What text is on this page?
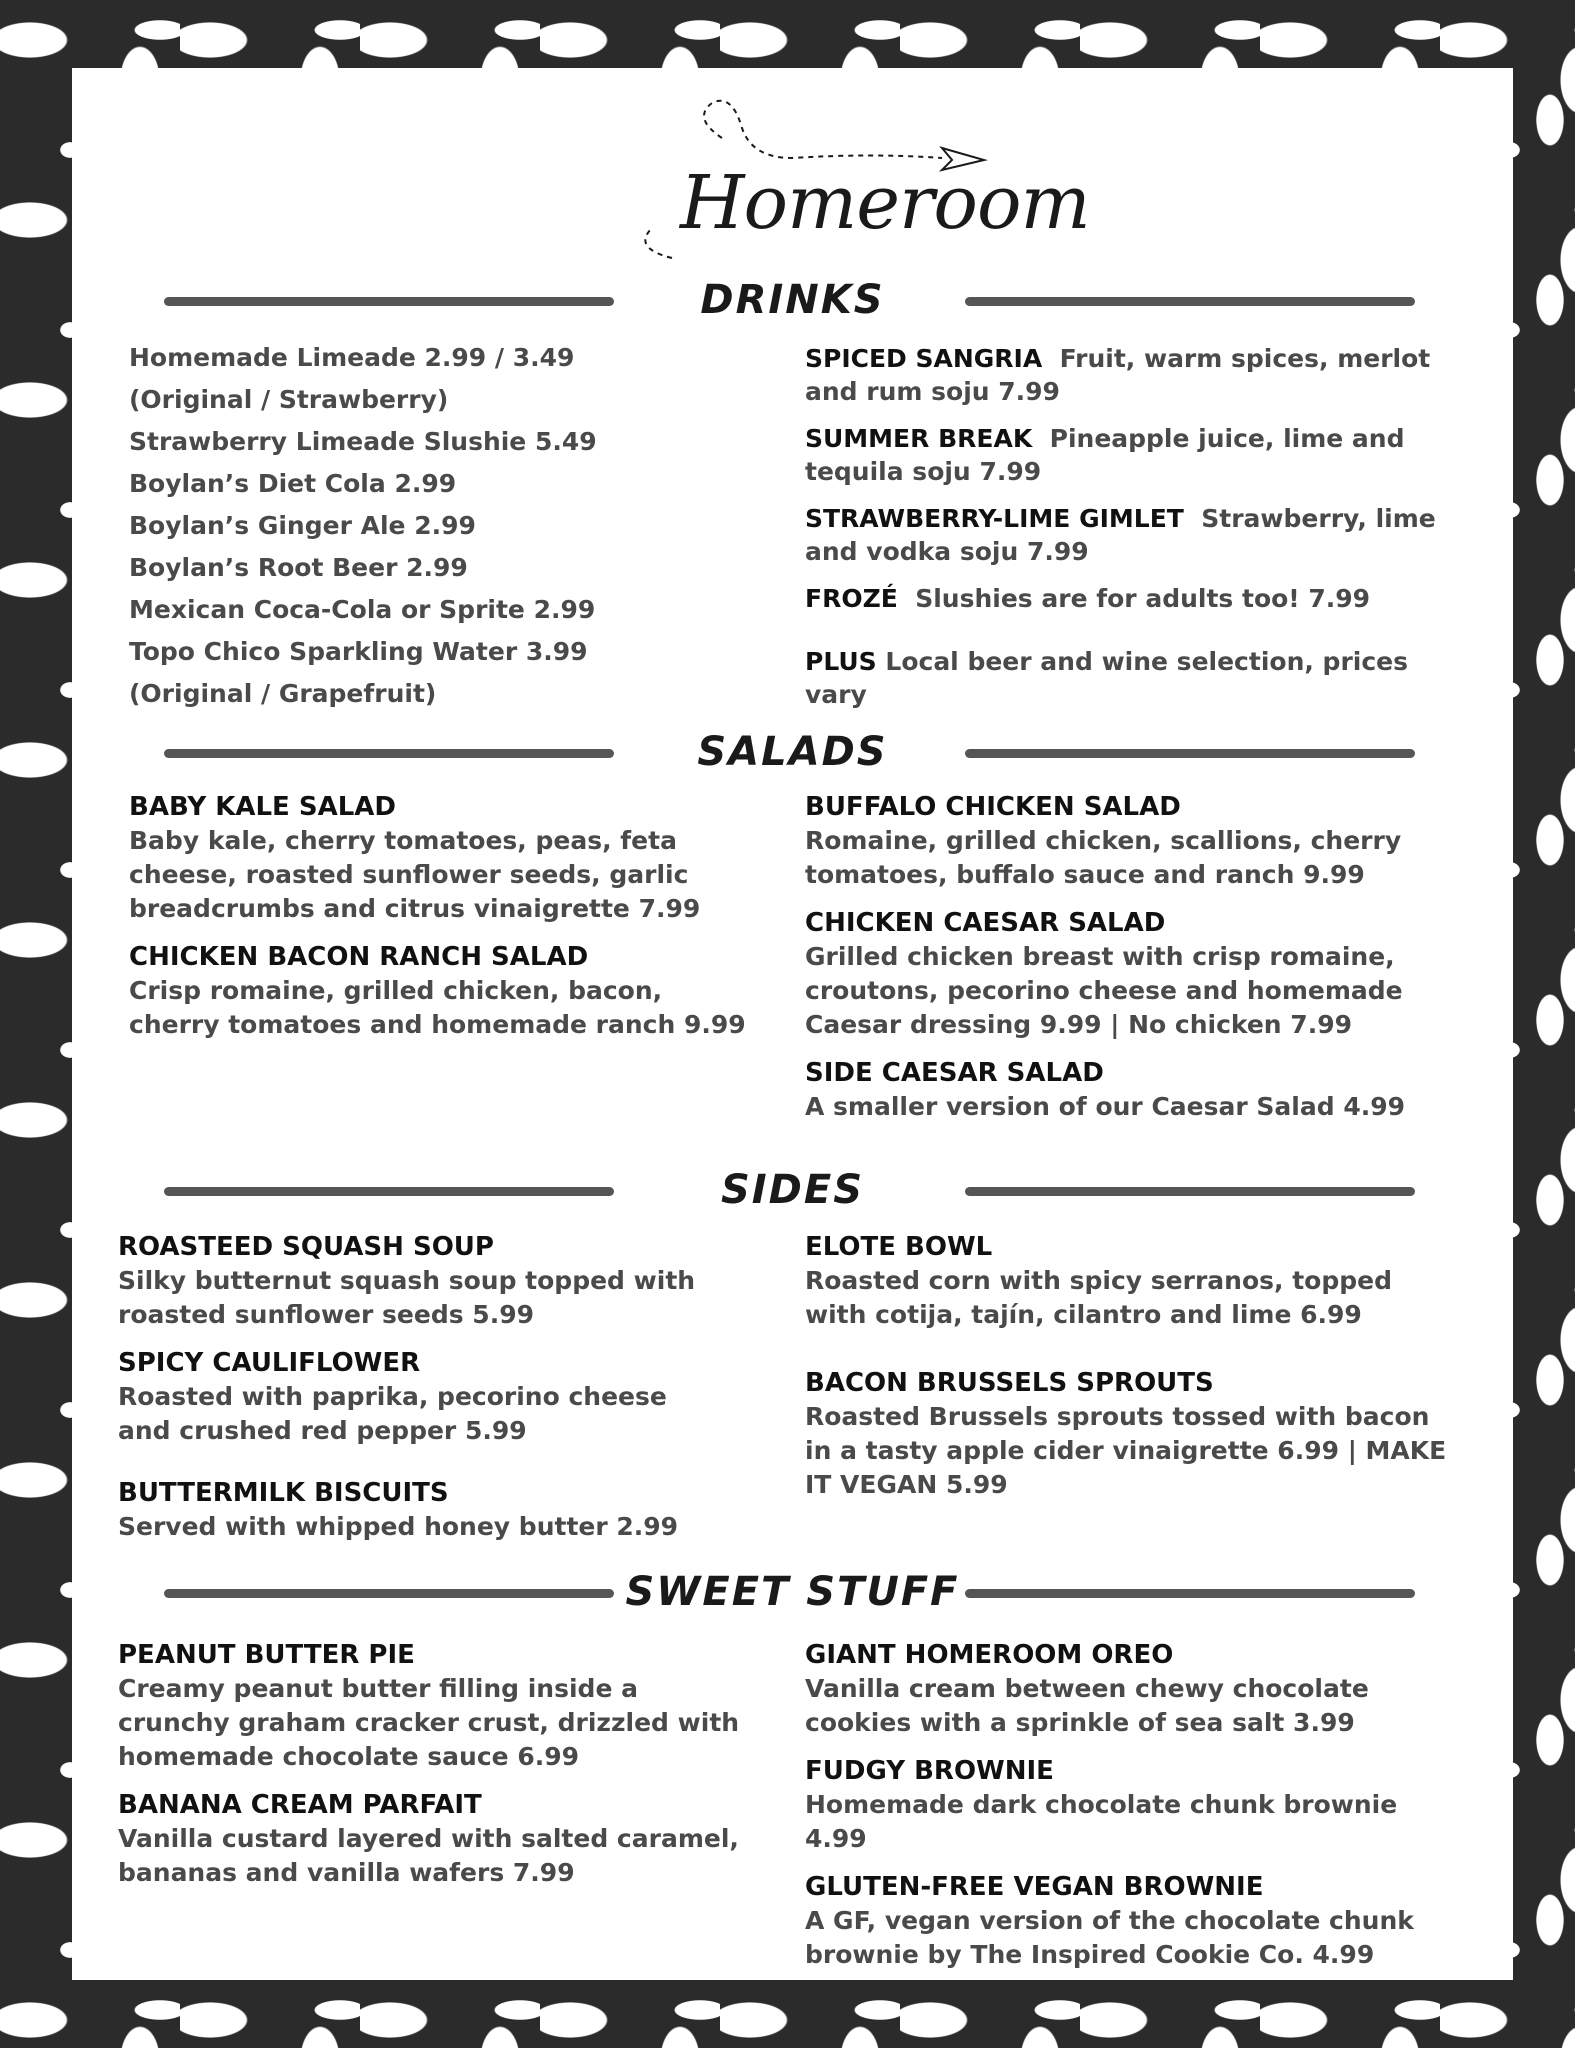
Homeroom
DRINKS
Homemade Limeade 2.99 / 3.49
(Original / Strawberry)
Strawberry Limeade Slushie 5.49
Boylan’s Diet Cola 2.99
Boylan’s Ginger Ale 2.99
Boylan’s Root Beer 2.99
Mexican Coca-Cola or Sprite 2.99
Topo Chico Sparkling Water 3.99
(Original / Grapefruit)
SPICED SANGRIA Fruit, warm spices, merlot and rum soju 7.99
SUMMER BREAK Pineapple juice, lime and tequila soju 7.99
STRAWBERRY-LIME GIMLET Strawberry, lime and vodka soju 7.99
FROZÉ Slushies are for adults too! 7.99
PLUS Local beer and wine selection, prices vary
SALADS
BABY KALE SALAD
Baby kale, cherry tomatoes, peas, feta cheese, roasted sunflower seeds, garlic breadcrumbs and citrus vinaigrette 7.99
CHICKEN BACON RANCH SALAD
Crisp romaine, grilled chicken, bacon, cherry tomatoes and homemade ranch 9.99
BUFFALO CHICKEN SALAD
Romaine, grilled chicken, scallions, cherry tomatoes, buffalo sauce and ranch 9.99
CHICKEN CAESAR SALAD
Grilled chicken breast with crisp romaine, croutons, pecorino cheese and homemade Caesar dressing 9.99 | No chicken 7.99
SIDE CAESAR SALAD
A smaller version of our Caesar Salad 4.99
SIDES
ROASTEED SQUASH SOUP
Silky butternut squash soup topped with roasted sunflower seeds 5.99
SPICY CAULIFLOWER
Roasted with paprika, pecorino cheese and crushed red pepper 5.99
BUTTERMILK BISCUITS
Served with whipped honey butter 2.99
ELOTE BOWL
Roasted corn with spicy serranos, topped with cotija, tajín, cilantro and lime 6.99
BACON BRUSSELS SPROUTS
Roasted Brussels sprouts tossed with bacon in a tasty apple cider vinaigrette 6.99 | MAKE IT VEGAN 5.99
SWEET STUFF
PEANUT BUTTER PIE
Creamy peanut butter filling inside a crunchy graham cracker crust, drizzled with homemade chocolate sauce 6.99
BANANA CREAM PARFAIT
Vanilla custard layered with salted caramel, bananas and vanilla wafers 7.99
GIANT HOMEROOM OREO
Vanilla cream between chewy chocolate cookies with a sprinkle of sea salt 3.99
FUDGY BROWNIE
Homemade dark chocolate chunk brownie 4.99
GLUTEN-FREE VEGAN BROWNIE
A GF, vegan version of the chocolate chunk brownie by The Inspired Cookie Co. 4.99
